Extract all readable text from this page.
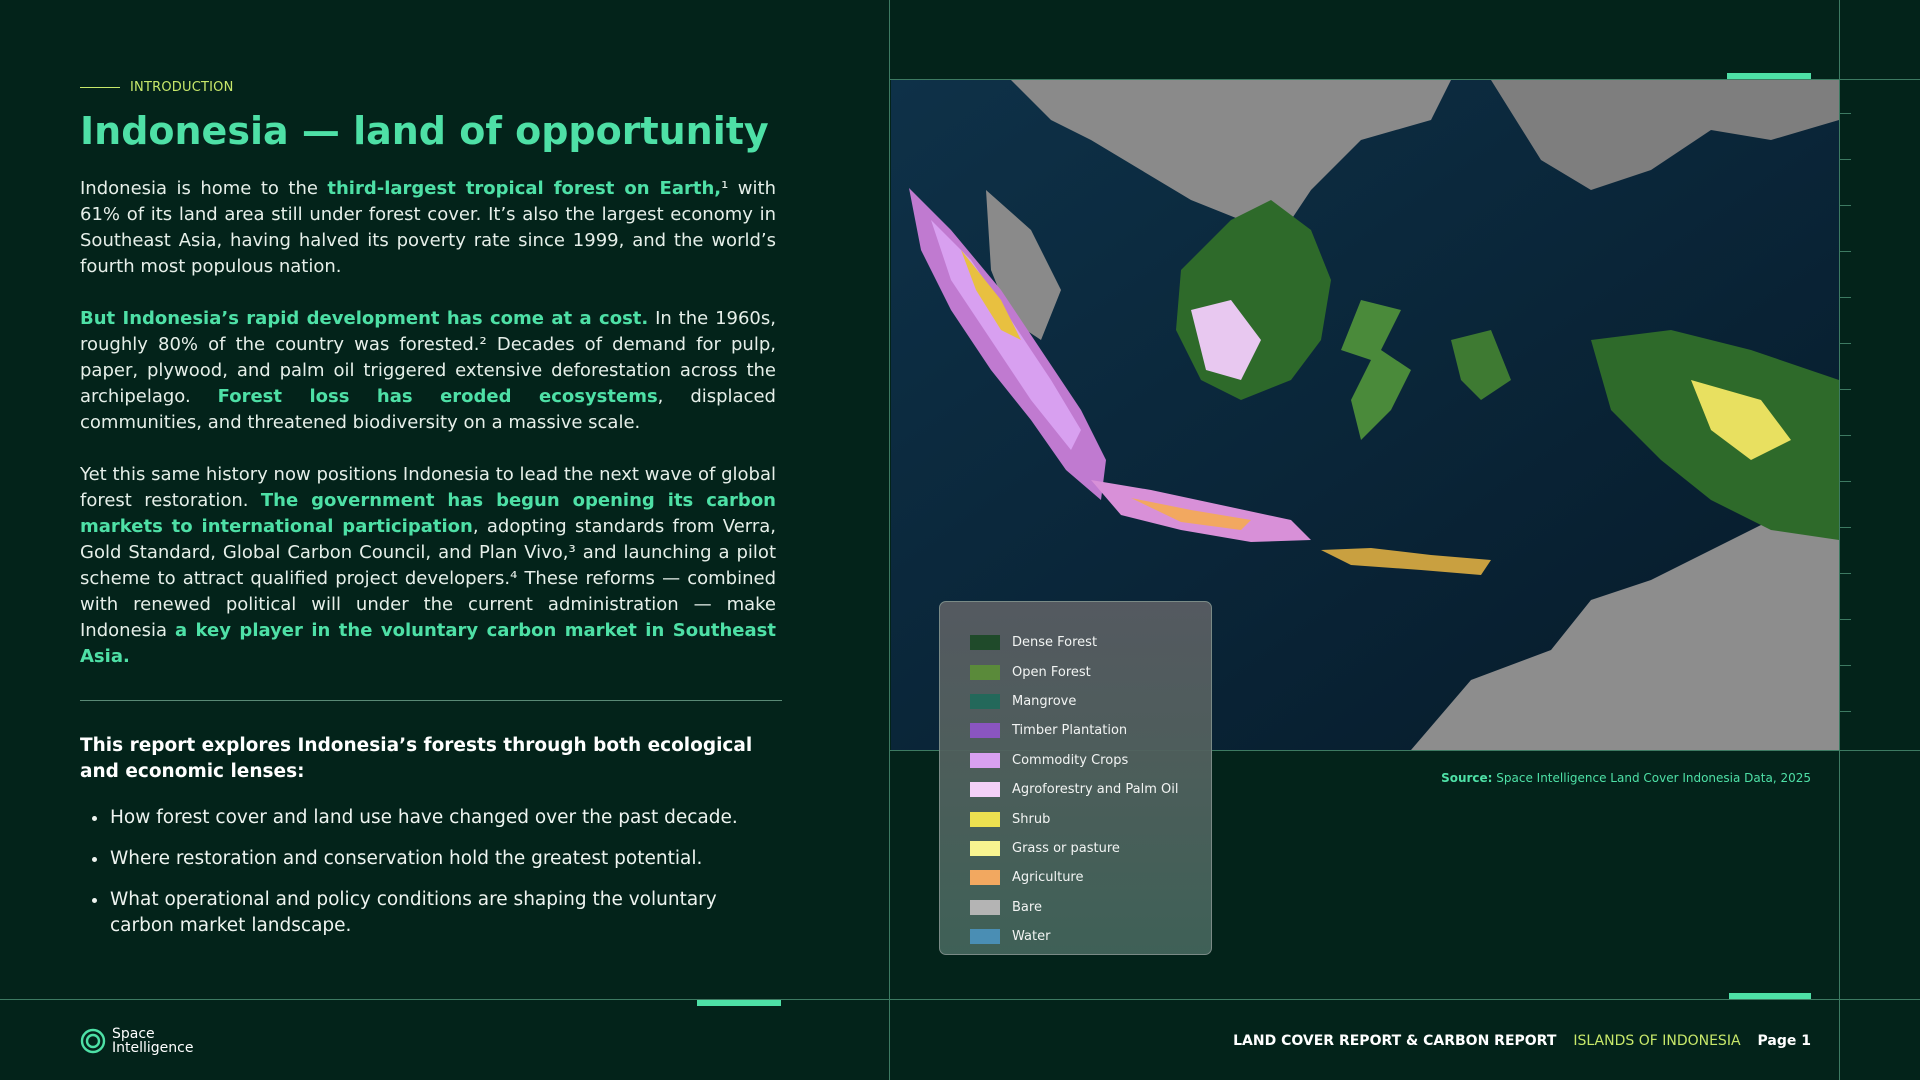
INTRODUCTION
Indonesia — land of opportunity

Indonesia is home to the third-largest tropical forest on Earth,¹ with 61% of its land area still under forest cover. It’s also the largest economy in Southeast Asia, having halved its poverty rate since 1999, and the world’s fourth most populous nation.

But Indonesia’s rapid development has come at a cost. In the 1960s, roughly 80% of the country was forested.² Decades of demand for pulp, paper, plywood, and palm oil triggered extensive deforestation across the archipelago. Forest loss has eroded ecosystems, displaced communities, and threatened biodiversity on a massive scale.

Yet this same history now positions Indonesia to lead the next wave of global forest restoration. The government has begun opening its carbon markets to international participation, adopting standards from Verra, Gold Standard, Global Carbon Council, and Plan Vivo,³ and launching a pilot scheme to attract qualified project developers.⁴ These reforms — combined with renewed political will under the current administration — make Indonesia a key player in the voluntary carbon market in Southeast Asia.

This report explores Indonesia’s forests through both ecological and economic lenses:

How forest cover and land use have changed over the past decade.
Where restoration and conservation hold the greatest potential.
What operational and policy conditions are shaping the voluntary carbon market landscape.
Dense Forest
Open Forest
Mangrove
Timber Plantation
Commodity Crops
Agroforestry and Palm Oil
Shrub
Grass or pasture
Agriculture
Bare
Water
Source: Space Intelligence Land Cover Indonesia Data, 2025
Space
Intelligence	LAND COVER REPORT & CARBON REPORT ISLANDS OF INDONESIA Page 1
